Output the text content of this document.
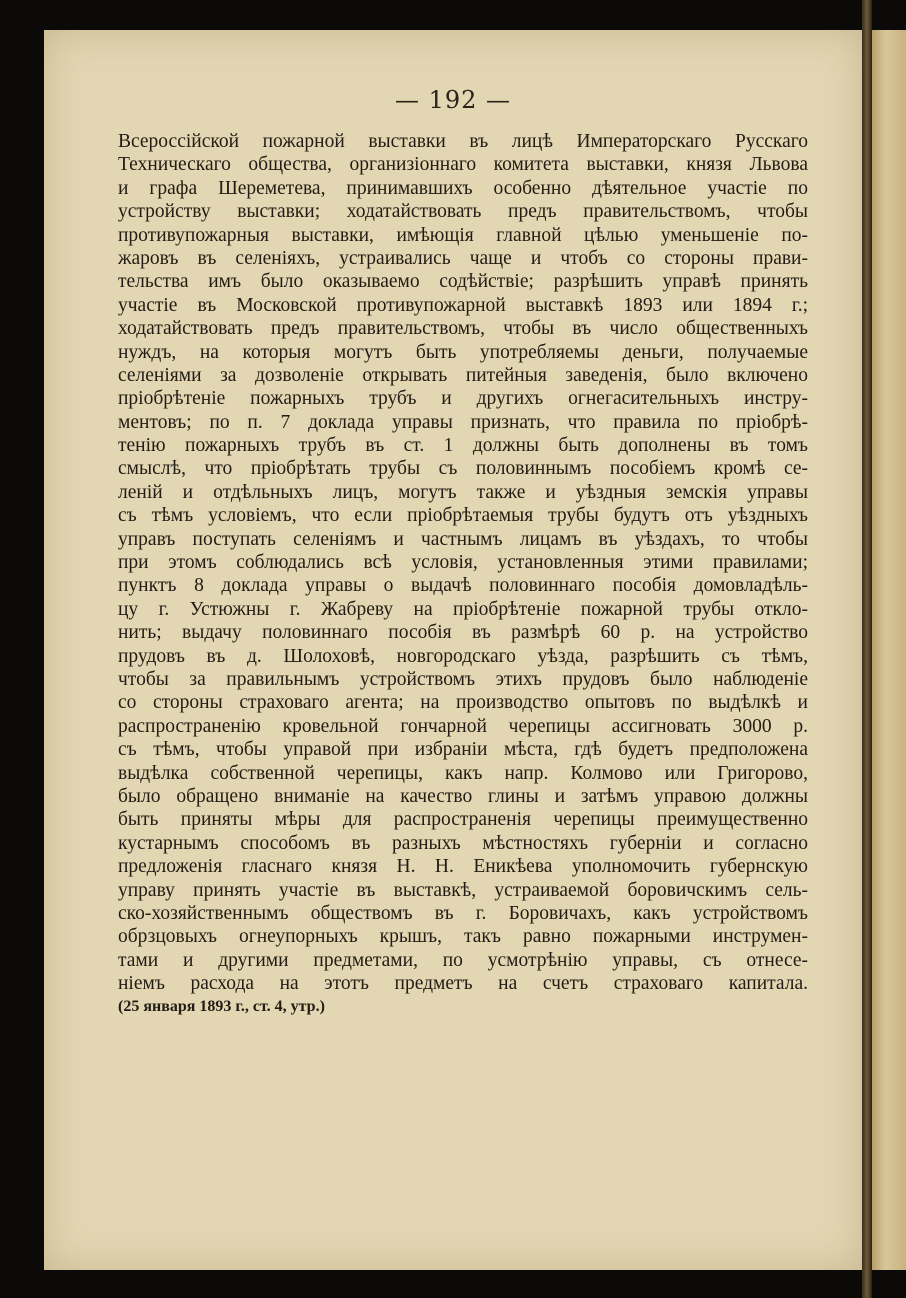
— 192 —
Всероссійской пожарной выставки въ лицѣ Императорскаго Русскаго
Техническаго общества, организіоннаго комитета выставки, князя Львова
и графа Шереметева, принимавшихъ особенно дѣятельное участіе по
устройству выставки; ходатайствовать предъ правительствомъ, чтобы
противупожарныя выставки, имѣющія главной цѣлью уменьшеніе по-
жаровъ въ селеніяхъ, устраивались чаще и чтобъ со стороны прави-
тельства имъ было оказываемо содѣйствіе; разрѣшить управѣ принять
участіе въ Московской противупожарной выставкѣ 1893 или 1894 г.;
ходатайствовать предъ правительствомъ, чтобы въ число общественныхъ
нуждъ, на которыя могутъ быть употребляемы деньги, получаемые
селеніями за дозволеніе открывать питейныя заведенія, было включено
пріобрѣтеніе пожарныхъ трубъ и другихъ огнегасительныхъ инстру-
ментовъ; по п. 7 доклада управы признать, что правила по пріобрѣ-
тенію пожарныхъ трубъ въ ст. 1 должны быть дополнены въ томъ
смыслѣ, что пріобрѣтать трубы съ половиннымъ пособіемъ кромѣ се-
леній и отдѣльныхъ лицъ, могутъ также и уѣздныя земскія управы
съ тѣмъ условіемъ, что если пріобрѣтаемыя трубы будутъ отъ уѣздныхъ
управъ поступать селеніямъ и частнымъ лицамъ въ уѣздахъ, то чтобы
при этомъ соблюдались всѣ условія, установленныя этими правилами;
пунктъ 8 доклада управы о выдачѣ половиннаго пособія домовладѣль-
цу г. Устюжны г. Жабреву на пріобрѣтеніе пожарной трубы откло-
нить; выдачу половиннаго пособія въ размѣрѣ 60 р. на устройство
прудовъ въ д. Шолоховѣ, новгородскаго уѣзда, разрѣшить съ тѣмъ,
чтобы за правильнымъ устройствомъ этихъ прудовъ было наблюденіе
со стороны страховаго агента; на производство опытовъ по выдѣлкѣ и
распространенію кровельной гончарной черепицы ассигновать 3000 р.
съ тѣмъ, чтобы управой при избраніи мѣста, гдѣ будетъ предположена
выдѣлка собственной черепицы, какъ напр. Колмово или Григорово,
было обращено вниманіе на качество глины и затѣмъ управою должны
быть приняты мѣры для распространенія черепицы преимущественно
кустарнымъ способомъ въ разныхъ мѣстностяхъ губерніи и согласно
предложенія гласнаго князя Н. Н. Еникѣева уполномочить губернскую
управу принять участіе въ выставкѣ, устраиваемой боровичскимъ сель-
ско-хозяйственнымъ обществомъ въ г. Боровичахъ, какъ устройствомъ
обрзцовыхъ огнеупорныхъ крышъ, такъ равно пожарными инструмен-
тами и другими предметами, по усмотрѣнію управы, съ отнесе-
ніемъ расхода на этотъ предметъ на счетъ страховаго капитала.
(25 января 1893 г., ст. 4, утр.)
